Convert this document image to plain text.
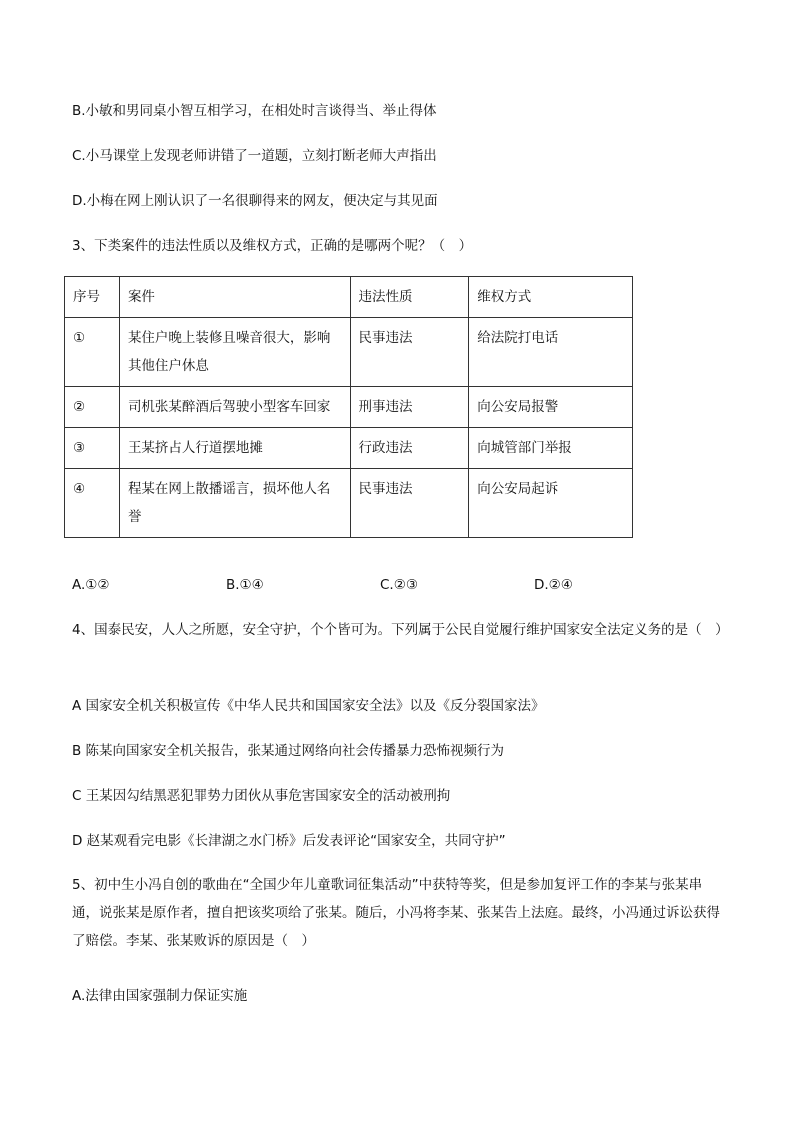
B.小敏和男同桌小智互相学习，在相处时言谈得当、举止得体
C.小马课堂上发现老师讲错了一道题，立刻打断老师大声指出
D.小梅在网上刚认识了一名很聊得来的网友，便决定与其见面
3、下类案件的违法性质以及维权方式，正确的是哪两个呢？（　）
序号	案件	违法性质	维权方式
①	某住户晚上装修且噪音很大，影响其他住户休息	民事违法	给法院打电话
②	司机张某醉酒后驾驶小型客车回家	刑事违法	向公安局报警
③	王某挤占人行道摆地摊	行政违法	向城管部门举报
④	程某在网上散播谣言，损坏他人名誉	民事违法	向公安局起诉
A.①②	B.①④	C.②③	D.②④
4、国泰民安，人人之所愿，安全守护，个个皆可为。下列属于公民自觉履行维护国家安全法定义务的是（　）
A 国家安全机关积极宣传《中华人民共和国国家安全法》以及《反分裂国家法》
B 陈某向国家安全机关报告，张某通过网络向社会传播暴力恐怖视频行为
C 王某因勾结黑恶犯罪势力团伙从事危害国家安全的活动被刑拘
D 赵某观看完电影《长津湖之水门桥》后发表评论“国家安全，共同守护”
5、初中生小冯自创的歌曲在“全国少年儿童歌词征集活动”中获特等奖，但是参加复评工作的李某与张某串通，说张某是原作者，擅自把该奖项给了张某。随后，小冯将李某、张某告上法庭。最终，小冯通过诉讼获得了赔偿。李某、张某败诉的原因是（　）
A.法律由国家强制力保证实施
